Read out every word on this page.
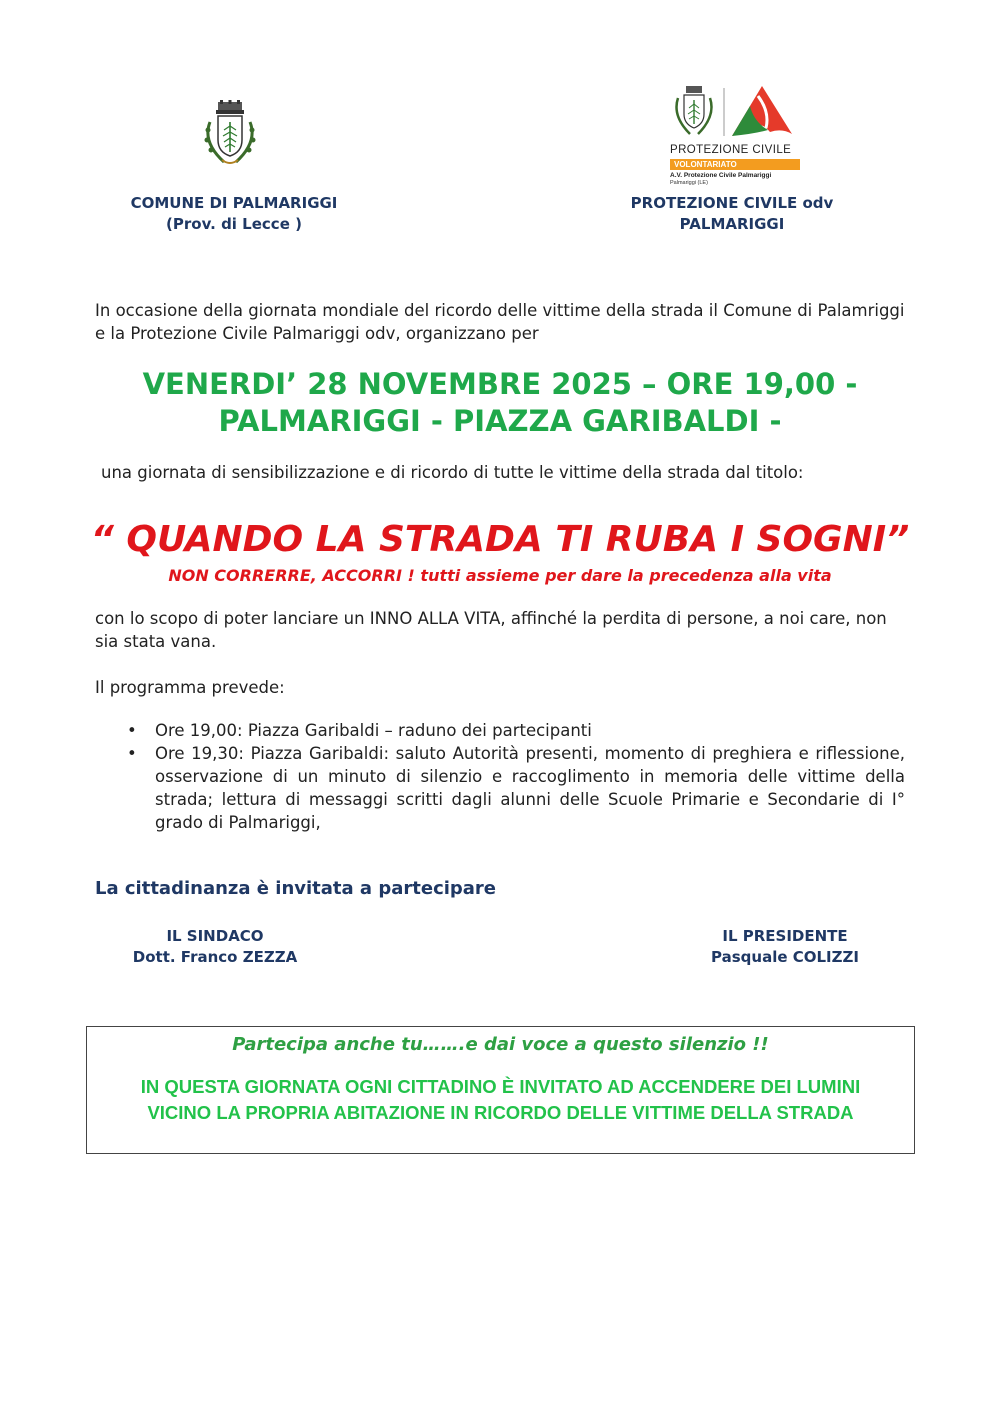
COMUNE DI PALMARIGGI
(Prov. di Lecce )
PROTEZIONE CIVILE
VOLONTARIATO
A.V. Protezione Civile Palmariggi
Palmariggi (LE)
PROTEZIONE CIVILE odv
PALMARIGGI
In occasione della giornata mondiale del ricordo delle vittime della strada il Comune di Palamriggi e la Protezione Civile Palmariggi odv, organizzano per
VENERDI’ 28 NOVEMBRE 2025 – ORE 19,00 -
PALMARIGGI - PIAZZA GARIBALDI -
una giornata di sensibilizzazione e di ricordo di tutte le vittime della strada dal titolo:
“ QUANDO LA STRADA TI RUBA I SOGNI”
NON CORRERRE, ACCORRI ! tutti assieme per dare la precedenza alla vita
con lo scopo di poter lanciare un INNO ALLA VITA, affinché la perdita di persone, a noi care, non sia stata vana.
Il programma prevede:
• Ore 19,00: Piazza Garibaldi – raduno dei partecipanti
• Ore 19,30: Piazza Garibaldi: saluto Autorità presenti, momento di preghiera e riflessione, osservazione di un minuto di silenzio e raccoglimento in memoria delle vittime della strada; lettura di messaggi scritti dagli alunni delle Scuole Primarie e Secondarie di I° grado di Palmariggi,
La cittadinanza è invitata a partecipare
IL SINDACO
Dott. Franco ZEZZA
IL PRESIDENTE
Pasquale COLIZZI
Partecipa anche tu…….e dai voce a questo silenzio !!
IN QUESTA GIORNATA OGNI CITTADINO È INVITATO AD ACCENDERE DEI LUMINI
VICINO LA PROPRIA ABITAZIONE IN RICORDO DELLE VITTIME DELLA STRADA
